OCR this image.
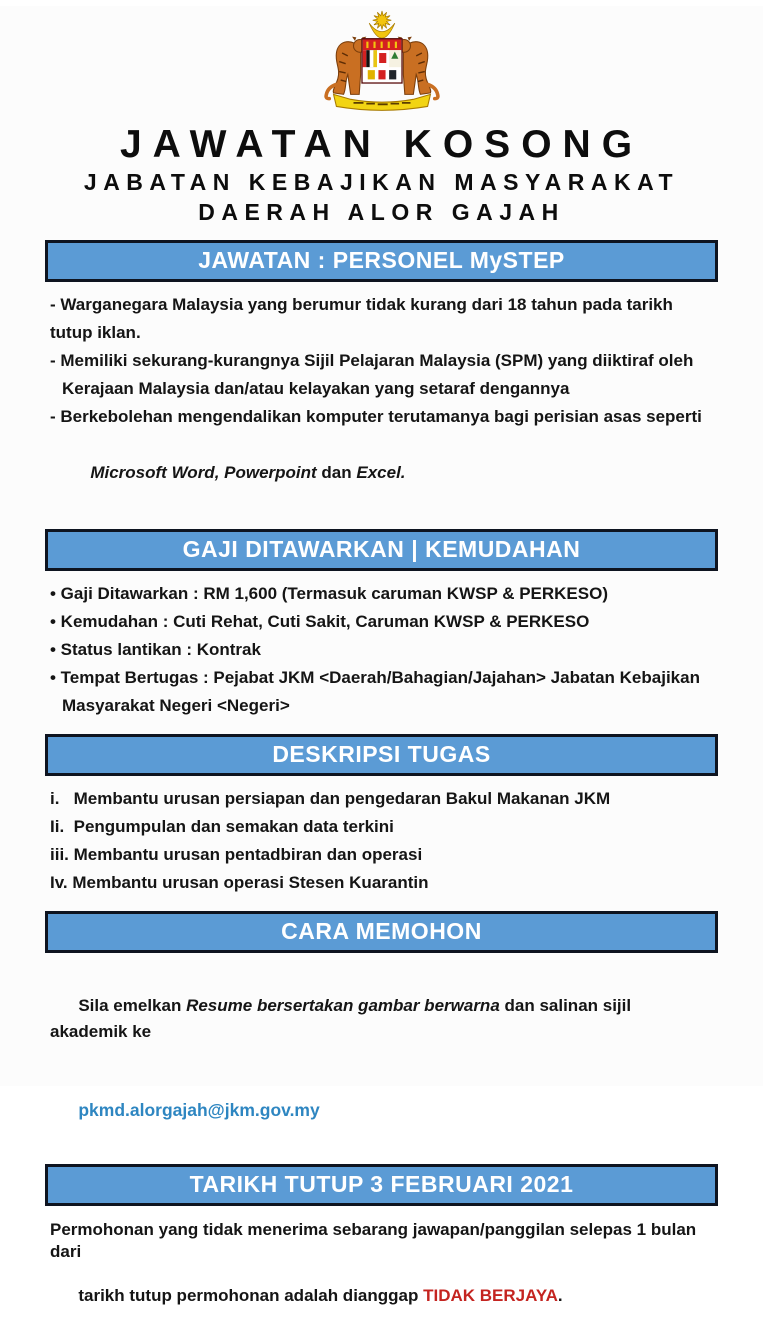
JAWATAN KOSONG
JABATAN KEBAJIKAN MASYARAKAT
DAERAH ALOR GAJAH
JAWATAN : PERSONEL MySTEP
- Warganegara Malaysia yang berumur tidak kurang dari 18 tahun pada tarikh tutup iklan.
- Memiliki sekurang-kurangnya Sijil Pelajaran Malaysia (SPM) yang diiktiraf oleh
Kerajaan Malaysia dan/atau kelayakan yang setaraf dengannya
- Berkebolehan mengendalikan komputer terutamanya bagi perisian asas seperti

Microsoft Word, Powerpoint dan Excel.

GAJI DITAWARKAN | KEMUDAHAN
• Gaji Ditawarkan : RM 1,600 (Termasuk caruman KWSP & PERKESO)
• Kemudahan : Cuti Rehat, Cuti Sakit, Caruman KWSP & PERKESO
• Status lantikan : Kontrak
• Tempat Bertugas : Pejabat JKM <Daerah/Bahagian/Jajahan> Jabatan Kebajikan
Masyarakat Negeri <Negeri>
DESKRIPSI TUGAS
i.   Membantu urusan persiapan dan pengedaran Bakul Makanan JKM
Ii.  Pengumpulan dan semakan data terkini
iii. Membantu urusan pentadbiran dan operasi
Iv. Membantu urusan operasi Stesen Kuarantin
CARA MEMOHON

Sila emelkan Resume bersertakan gambar berwarna dan salinan sijil akademik ke

pkmd.alorgajah@jkm.gov.my

TARIKH TUTUP 3 FEBRUARI 2021
Permohonan yang tidak menerima sebarang jawapan/panggilan selepas 1 bulan dari

tarikh tutup permohonan adalah dianggap TIDAK BERJAYA.
